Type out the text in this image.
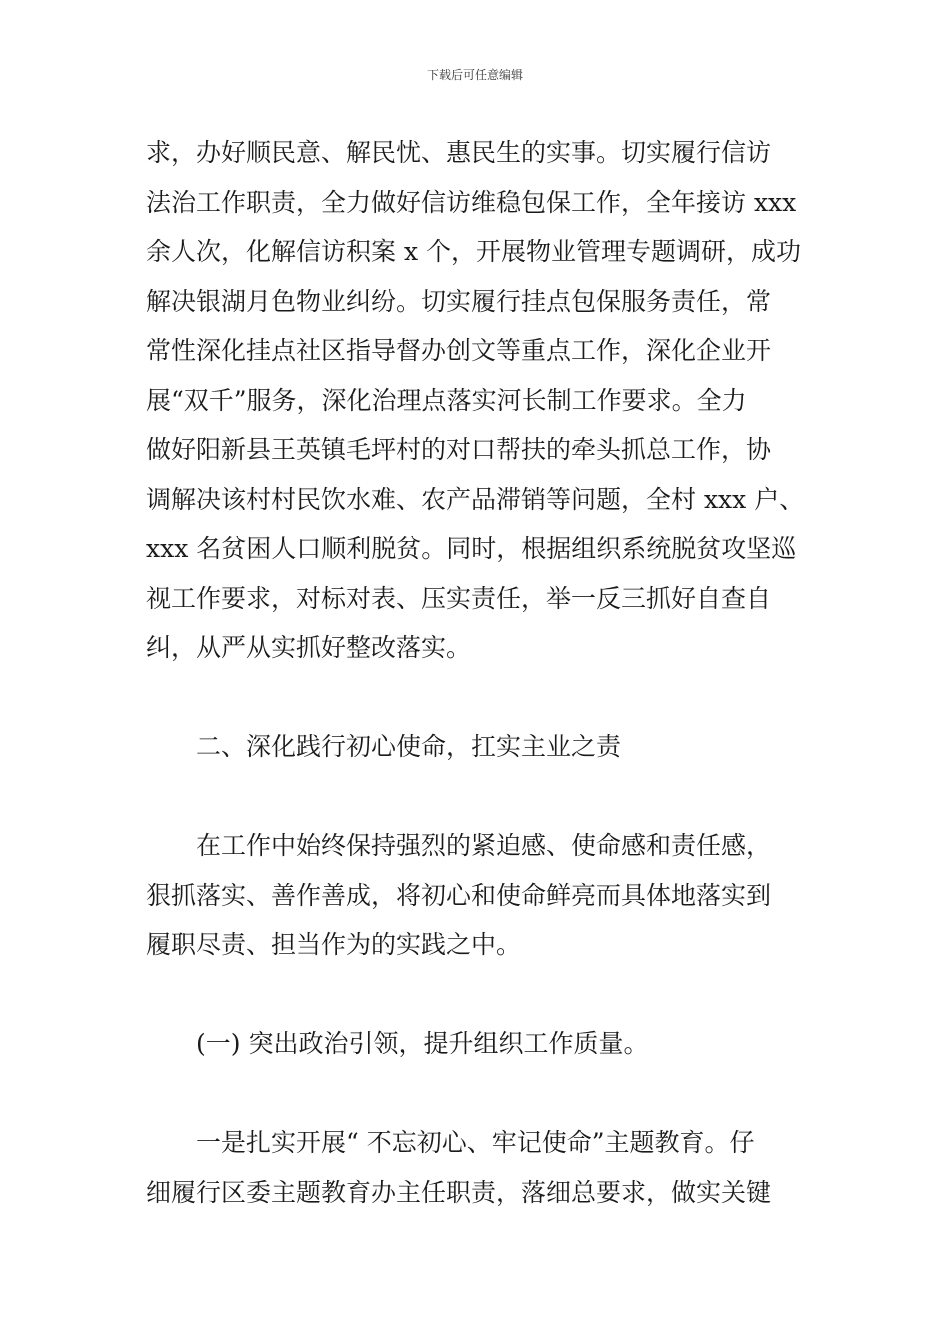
下载后可任意编辑
求，办好顺民意、解民忧、惠民生的实事。切实履行信访
法治工作职责，全力做好信访维稳包保工作，全年接访 xxx
余人次，化解信访积案 x 个，开展物业管理专题调研，成功
解决银湖月色物业纠纷。切实履行挂点包保服务责任，常
常性深化挂点社区指导督办创文等重点工作，深化企业开
展“双千”服务，深化治理点落实河长制工作要求。全力
做好阳新县王英镇毛坪村的对口帮扶的牵头抓总工作，协
调解决该村村民饮水难、农产品滞销等问题，全村 xxx 户、
xxx 名贫困人口顺利脱贫。同时，根据组织系统脱贫攻坚巡
视工作要求，对标对表、压实责任，举一反三抓好自查自
纠，从严从实抓好整改落实。
二、深化践行初心使命，扛实主业之责
在工作中始终保持强烈的紧迫感、使命感和责任感，
狠抓落实、善作善成，将初心和使命鲜亮而具体地落实到
履职尽责、担当作为的实践之中。
(一) 突出政治引领，提升组织工作质量。
一是扎实开展“ 不忘初心、牢记使命”主题教育。仔
细履行区委主题教育办主任职责，落细总要求，做实关键
